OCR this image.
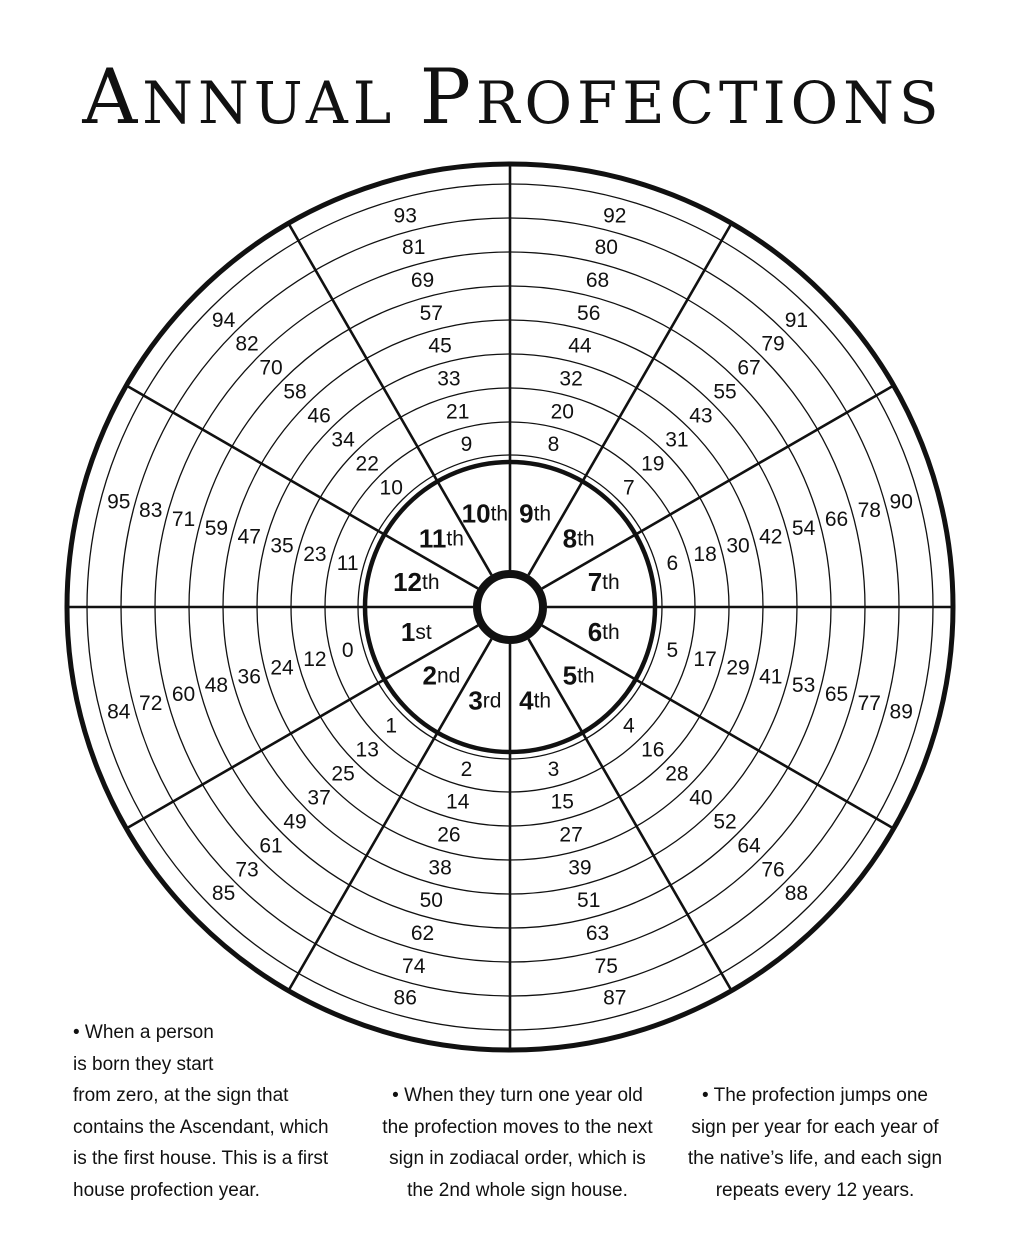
ANNUAL PROFECTIONS
0
12
24
36
48
60
72
84
1
13
25
37
49
61
73
85
2
14
26
38
50
62
74
86
3
15
27
39
51
63
75
87
4
16
28
40
52
64
76
88
5 17 29 41 53 65 77 89
6 18 30 42 54 66 78 90
7
19
31
43
55
67
79
91
8
20
32
44
56
68
80
92
9
21
33
45
57
69
81
93
10
22
34
46
58
70
82
94
11
23
35
47
59
71
83
95
1st
2nd
3rd 4th
5th
6th
7th
8th
9th
10th
11th
12th

• When a person
is born they start
from zero, at the sign that
contains the Ascendant, which
is the first house. This is a first
house profection year.

• When they turn one year old
the profection moves to the next
sign in zodiacal order, which is
the 2nd whole sign house.

• The profection jumps one
sign per year for each year of
the native’s life, and each sign
repeats every 12 years.
